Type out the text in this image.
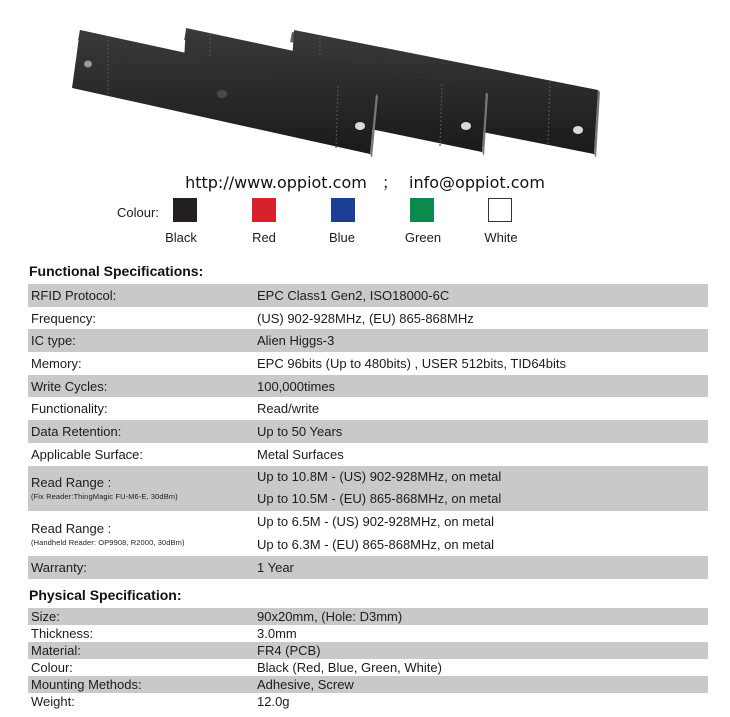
http://www.oppiot.com ； info@oppiot.com
Colour:
Black	Red	Blue	Green	White
Functional Specifications:
RFID Protocol:	EPC Class1 Gen2, ISO18000-6C
Frequency:	(US) 902-928MHz, (EU) 865-868MHz
IC type:	Alien Higgs-3
Memory:	EPC 96bits (Up to 480bits) , USER 512bits, TID64bits
Write Cycles:	100,000times
Functionality:	Read/write
Data Retention:	Up to 50 Years
Applicable Surface:	Metal Surfaces
Read Range :
(Fix Reader:ThingMagic FU-M6-E, 30dBm)	Up to 10.8M - (US) 902-928MHz, on metal
Up to 10.5M - (EU) 865-868MHz, on metal

Read Range :
(Handheld Reader: OP9908, R2000, 30dBm)	Up to 6.5M - (US) 902-928MHz, on metal
Up to 6.3M - (EU) 865-868MHz, on metal

Warranty:	1 Year
Physical Specification:
Size:	90x20mm, (Hole: D3mm)
Thickness:	3.0mm
Material:	FR4 (PCB)
Colour:	Black (Red, Blue, Green, White)
Mounting Methods:	Adhesive, Screw
Weight:	12.0g
